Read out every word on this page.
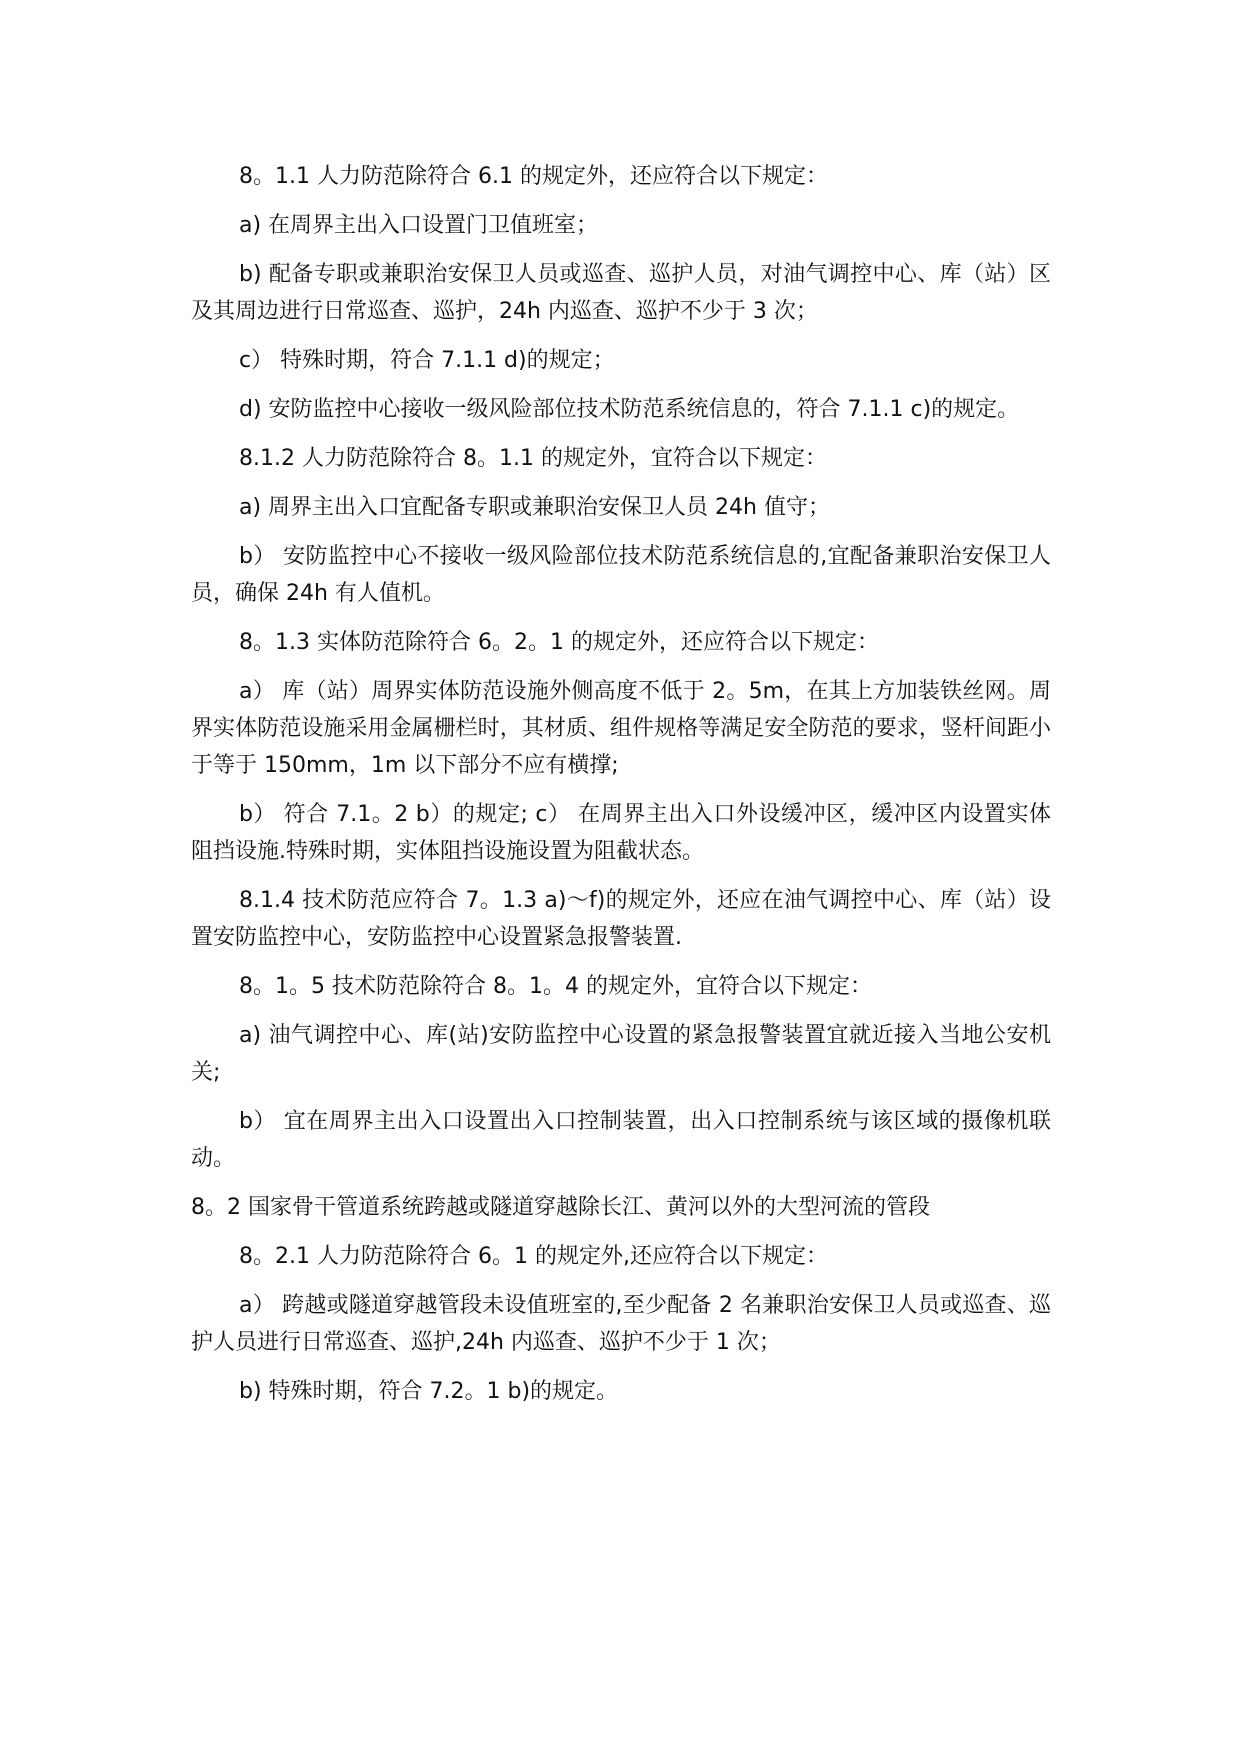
8。1.1 人力防范除符合 6.1 的规定外，还应符合以下规定：

a) 在周界主出入口设置门卫值班室；

b) 配备专职或兼职治安保卫人员或巡查、巡护人员，对油气调控中心、库（站）区及其周边进行日常巡查、巡护，24h 内巡查、巡护不少于 3 次；

c） 特殊时期，符合 7.1.1 d)的规定；

d) 安防监控中心接收一级风险部位技术防范系统信息的，符合 7.1.1 c)的规定。

8.1.2 人力防范除符合 8。1.1 的规定外，宜符合以下规定：

a) 周界主出入口宜配备专职或兼职治安保卫人员 24h 值守；

b） 安防监控中心不接收一级风险部位技术防范系统信息的,宜配备兼职治安保卫人员，确保 24h 有人值机。

8。1.3 实体防范除符合 6。2。1 的规定外，还应符合以下规定：

a） 库（站）周界实体防范设施外侧高度不低于 2。5m，在其上方加装铁丝网。周界实体防范设施采用金属栅栏时，其材质、组件规格等满足安全防范的要求，竖杆间距小于等于 150mm，1m 以下部分不应有横撑;

b） 符合 7.1。2 b）的规定; c） 在周界主出入口外设缓冲区，缓冲区内设置实体阻挡设施.特殊时期，实体阻挡设施设置为阻截状态。

8.1.4 技术防范应符合 7。1.3 a)～f)的规定外，还应在油气调控中心、库（站）设置安防监控中心，安防监控中心设置紧急报警装置.

8。1。5 技术防范除符合 8。1。4 的规定外，宜符合以下规定：

a) 油气调控中心、库(站)安防监控中心设置的紧急报警装置宜就近接入当地公安机关;

b） 宜在周界主出入口设置出入口控制装置，出入口控制系统与该区域的摄像机联动。

8。2 国家骨干管道系统跨越或隧道穿越除长江、黄河以外的大型河流的管段

8。2.1 人力防范除符合 6。1 的规定外,还应符合以下规定：

a） 跨越或隧道穿越管段未设值班室的,至少配备 2 名兼职治安保卫人员或巡查、巡护人员进行日常巡查、巡护,24h 内巡查、巡护不少于 1 次；

b) 特殊时期，符合 7.2。1 b)的规定。
